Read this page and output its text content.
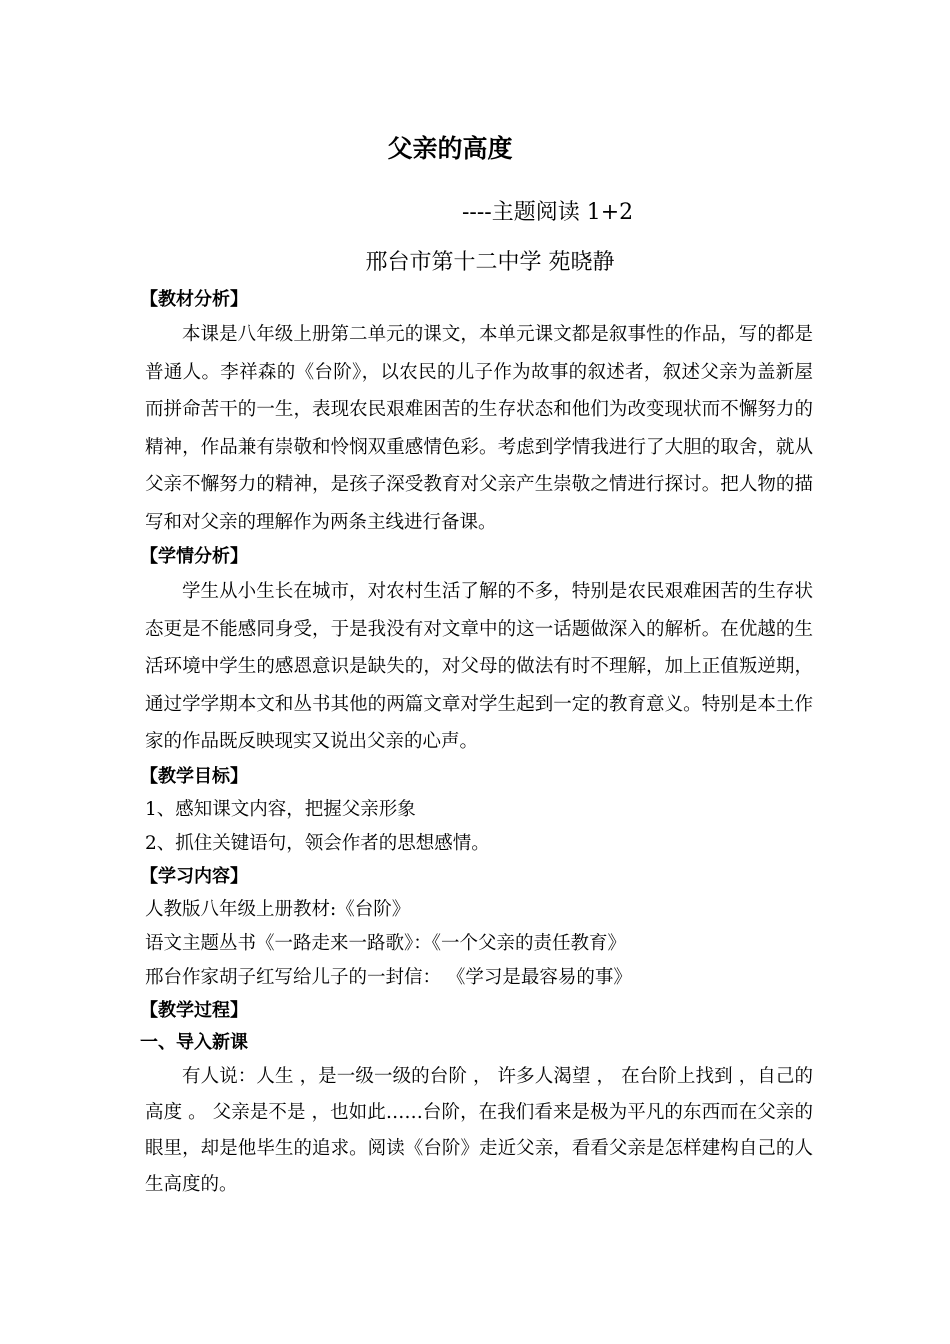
父亲的高度
----主题阅读 1+2
邢台市第十二中学 苑晓静
【教材分析】

本课是八年级上册第二单元的课文，本单元课文都是叙事性的作品，写的都是普通人。李祥森的《台阶》，以农民的儿子作为故事的叙述者，叙述父亲为盖新屋而拼命苦干的一生，表现农民艰难困苦的生存状态和他们为改变现状而不懈努力的精神，作品兼有崇敬和怜悯双重感情色彩。考虑到学情我进行了大胆的取舍，就从父亲不懈努力的精神，是孩子深受教育对父亲产生崇敬之情进行探讨。把人物的描写和对父亲的理解作为两条主线进行备课。

【学情分析】

学生从小生长在城市，对农村生活了解的不多，特别是农民艰难困苦的生存状态更是不能感同身受，于是我没有对文章中的这一话题做深入的解析。在优越的生活环境中学生的感恩意识是缺失的，对父母的做法有时不理解，加上正值叛逆期，通过学学期本文和丛书其他的两篇文章对学生起到一定的教育意义。特别是本土作家的作品既反映现实又说出父亲的心声。

【教学目标】
1、感知课文内容，把握父亲形象
2、抓住关键语句，领会作者的思想感情。
【学习内容】
人教版八年级上册教材:《台阶》
语文主题丛书《一路走来一路歌》：《一个父亲的责任教育》
邢台作家胡子红写给儿子的一封信： 《学习是最容易的事》
【教学过程】
一、导入新课

有人说：人生 ，是一级一级的台阶 ， 许多人渴望 ， 在台阶上找到 ，自己的高度 。 父亲是不是 ，也如此……台阶，在我们看来是极为平凡的东西而在父亲的眼里，却是他毕生的追求。阅读《台阶》走近父亲，看看父亲是怎样建构自己的人生高度的。
